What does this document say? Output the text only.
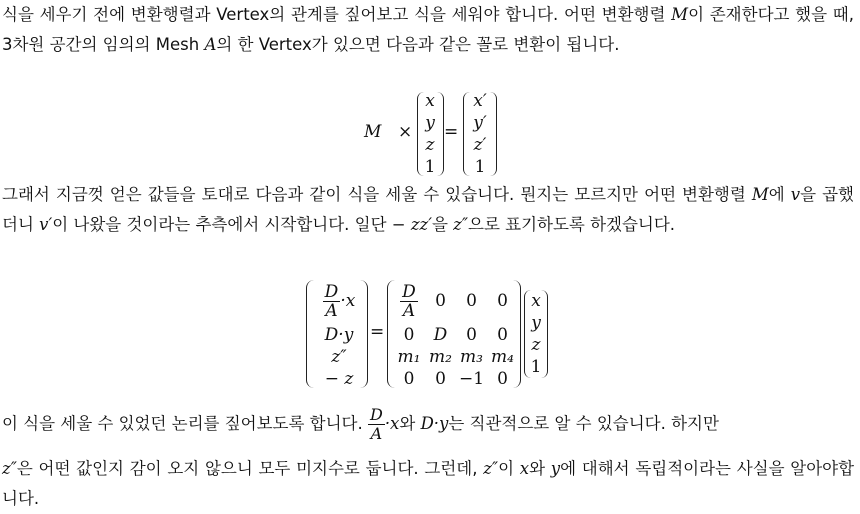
식을 세우기 전에 변환행렬과 Vertex의 관계를 짚어보고 식을 세워야 합니다. 어떤 변환행렬 M이 존재한다고 했을 때, 3차원 공간의 임의의 Mesh A의 한 Vertex가 있으면 다음과 같은 꼴로 변환이 됩니다.

M ×
x
y
z
1
=
x′
y′
z′
1

그래서 지금껏 얻은 값들을 토대로 다음과 같이 식을 세울 수 있습니다. 뭔지는 모르지만 어떤 변환행렬 M에 v을 곱했더니 v′이 나왔을 것이라는 추측에서 시작합니다. 일단 − zz′을 z″으로 표기하도록 하겠습니다.

$\frac{D}{A} \cdot x$
D·y
z″
− z
=
$\frac{D}{A}$	0	0	0
0	D	0	0
m₁ m₂ m₃ m₄
0	0 −1 0
x
y
z
1

이 식을 세울 수 있었던 논리를 짚어보도록 합니다. $\frac{D}{A} \cdot x$와 D·y는 직관적으로 알 수 있습니다. 하지만

z″은 어떤 값인지 감이 오지 않으니 모두 미지수로 둡니다. 그런데, z″이 x와 y에 대해서 독립적이라는 사실을 알아야합니다.
